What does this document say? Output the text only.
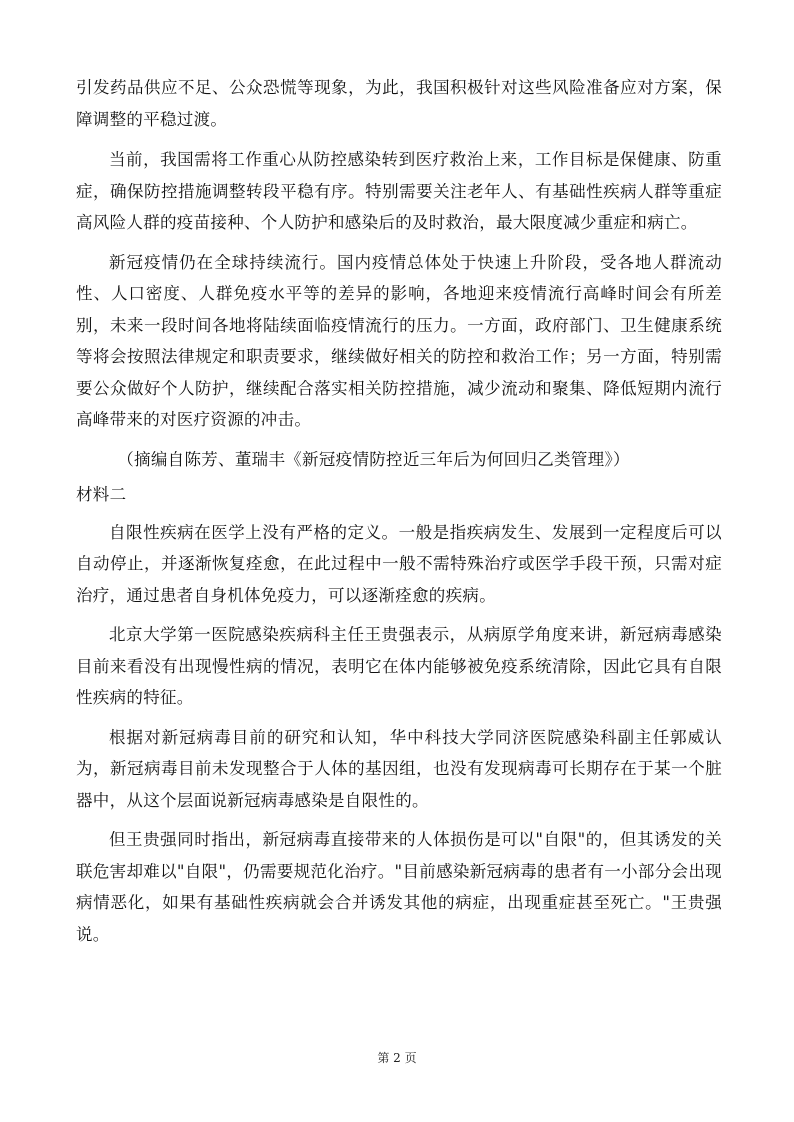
引发药品供应不足、公众恐慌等现象，为此，我国积极针对这些风险准备应对方案，保障调整的平稳过渡。

当前，我国需将工作重心从防控感染转到医疗救治上来，工作目标是保健康、防重症，确保防控措施调整转段平稳有序。特别需要关注老年人、有基础性疾病人群等重症高风险人群的疫苗接种、个人防护和感染后的及时救治，最大限度减少重症和病亡。

新冠疫情仍在全球持续流行。国内疫情总体处于快速上升阶段，受各地人群流动性、人口密度、人群免疫水平等的差异的影响，各地迎来疫情流行高峰时间会有所差别，未来一段时间各地将陆续面临疫情流行的压力。一方面，政府部门、卫生健康系统等将会按照法律规定和职责要求，继续做好相关的防控和救治工作；另一方面，特别需要公众做好个人防护，继续配合落实相关防控措施，减少流动和聚集、降低短期内流行高峰带来的对医疗资源的冲击。

（摘编自陈芳、董瑞丰《新冠疫情防控近三年后为何回归乙类管理》）

材料二

自限性疾病在医学上没有严格的定义。一般是指疾病发生、发展到一定程度后可以自动停止，并逐渐恢复痊愈，在此过程中一般不需特殊治疗或医学手段干预，只需对症治疗，通过患者自身机体免疫力，可以逐渐痊愈的疾病。

北京大学第一医院感染疾病科主任王贵强表示，从病原学角度来讲，新冠病毒感染目前来看没有出现慢性病的情况，表明它在体内能够被免疫系统清除，因此它具有自限性疾病的特征。

根据对新冠病毒目前的研究和认知，华中科技大学同济医院感染科副主任郭威认为，新冠病毒目前未发现整合于人体的基因组，也没有发现病毒可长期存在于某一个脏器中，从这个层面说新冠病毒感染是自限性的。

但王贵强同时指出，新冠病毒直接带来的人体损伤是可以"自限"的，但其诱发的关联危害却难以"自限"，仍需要规范化治疗。"目前感染新冠病毒的患者有一小部分会出现病情恶化，如果有基础性疾病就会合并诱发其他的病症，出现重症甚至死亡。"王贵强说。

第 2 页
